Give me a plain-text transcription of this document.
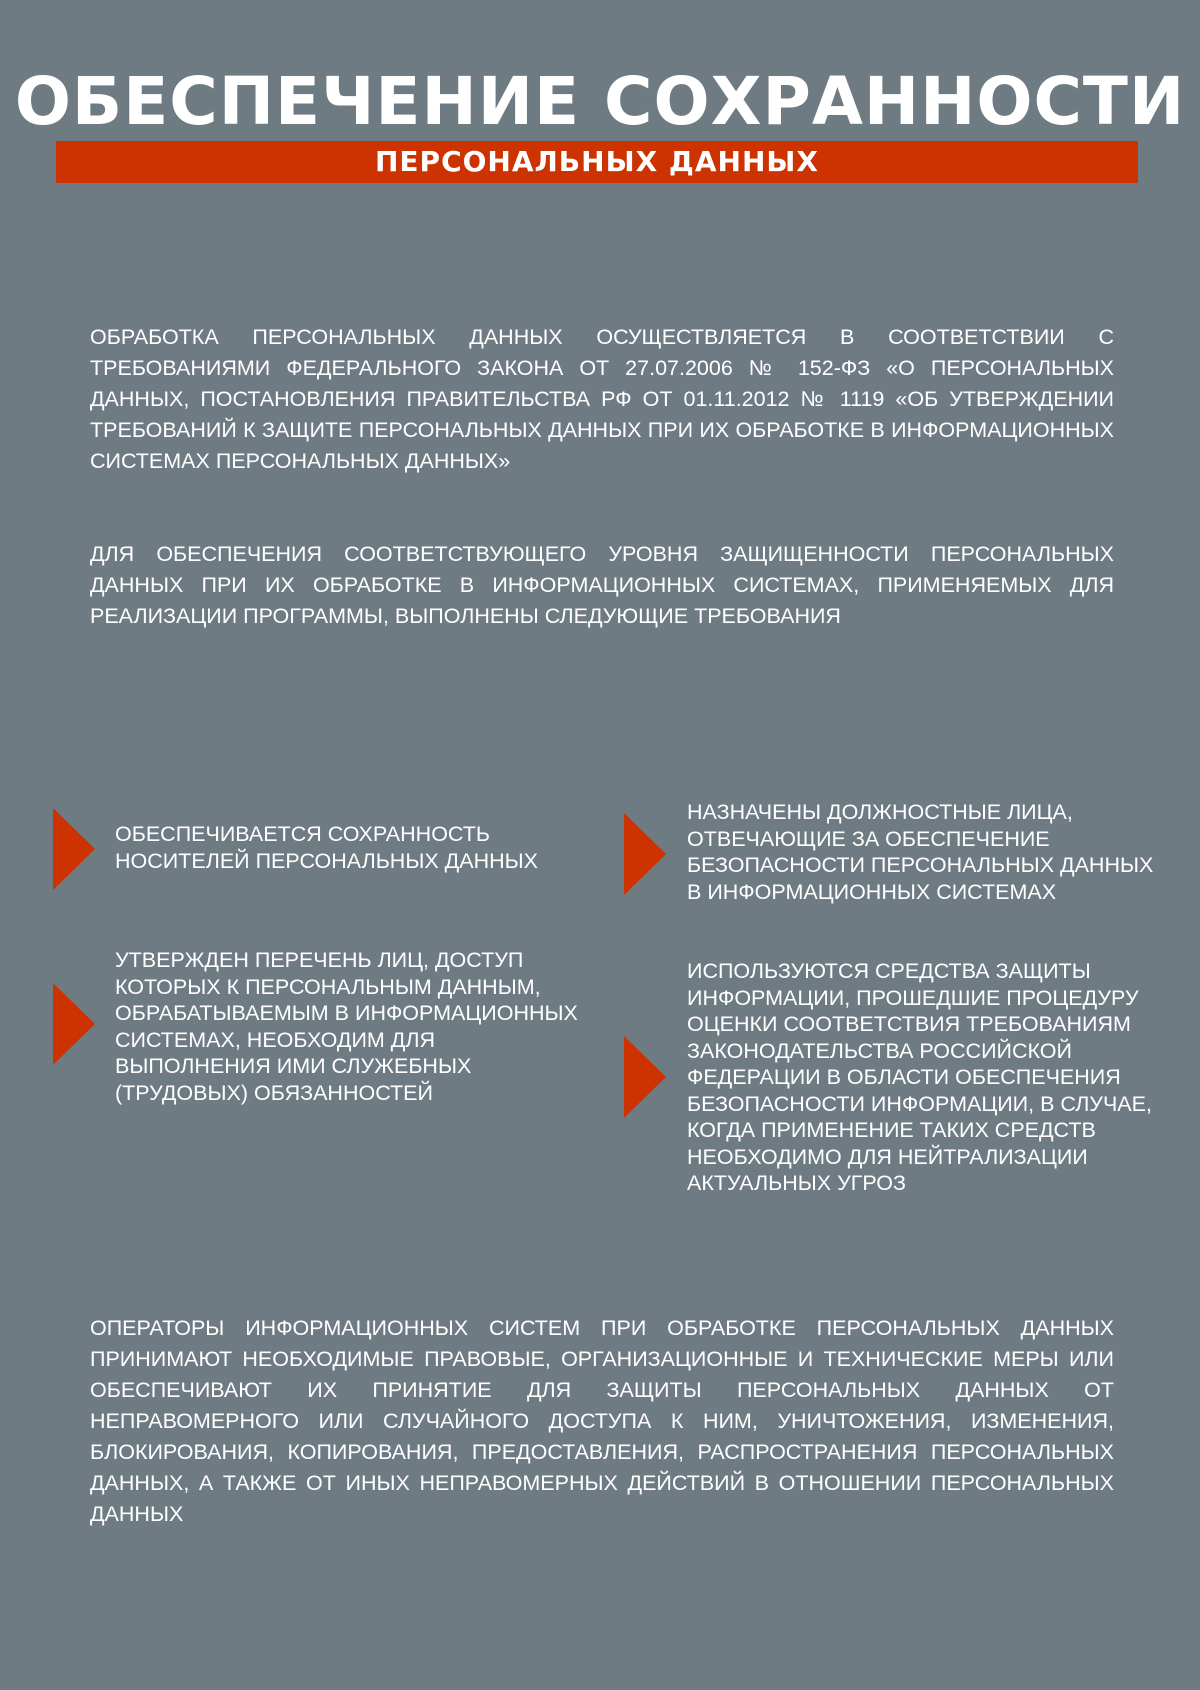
ОБЕСПЕЧЕНИЕ СОХРАННОСТИ
ПЕРСОНАЛЬНЫХ ДАННЫХ

ОБРАБОТКА ПЕРСОНАЛЬНЫХ ДАННЫХ ОСУЩЕСТВЛЯЕТСЯ В СООТВЕТСТВИИ С ТРЕБОВАНИЯМИ ФЕДЕРАЛЬНОГО ЗАКОНА ОТ 27.07.2006 № 152-ФЗ «О ПЕРСОНАЛЬНЫХ ДАННЫХ, ПОСТАНОВЛЕНИЯ ПРАВИТЕЛЬСТВА РФ ОТ 01.11.2012 № 1119 «ОБ УТВЕРЖДЕНИИ ТРЕБОВАНИЙ К ЗАЩИТЕ ПЕРСОНАЛЬНЫХ ДАННЫХ ПРИ ИХ ОБРАБОТКЕ В ИНФОРМАЦИОННЫХ СИСТЕМАХ ПЕРСОНАЛЬНЫХ ДАННЫХ»

ДЛЯ ОБЕСПЕЧЕНИЯ СООТВЕТСТВУЮЩЕГО УРОВНЯ ЗАЩИЩЕННОСТИ ПЕРСОНАЛЬНЫХ ДАННЫХ ПРИ ИХ ОБРАБОТКЕ В ИНФОРМАЦИОННЫХ СИСТЕМАХ, ПРИМЕНЯЕМЫХ ДЛЯ РЕАЛИЗАЦИИ ПРОГРАММЫ, ВЫПОЛНЕНЫ СЛЕДУЮЩИЕ ТРЕБОВАНИЯ

ОБЕСПЕЧИВАЕТСЯ СОХРАННОСТЬ НОСИТЕЛЕЙ ПЕРСОНАЛЬНЫХ ДАННЫХ

НАЗНАЧЕНЫ ДОЛЖНОСТНЫЕ ЛИЦА, ОТВЕЧАЮЩИЕ ЗА ОБЕСПЕЧЕНИЕ БЕЗОПАСНОСТИ ПЕРСОНАЛЬНЫХ ДАННЫХ В ИНФОРМАЦИОННЫХ СИСТЕМАХ

УТВЕРЖДЕН ПЕРЕЧЕНЬ ЛИЦ, ДОСТУП КОТОРЫХ К ПЕРСОНАЛЬНЫМ ДАННЫМ, ОБРАБАТЫВАЕМЫМ В ИНФОРМАЦИОННЫХ СИСТЕМАХ, НЕОБХОДИМ ДЛЯ ВЫПОЛНЕНИЯ ИМИ СЛУЖЕБНЫХ (ТРУДОВЫХ) ОБЯЗАННОСТЕЙ

ИСПОЛЬЗУЮТСЯ СРЕДСТВА ЗАЩИТЫ ИНФОРМАЦИИ, ПРОШЕДШИЕ ПРОЦЕДУРУ ОЦЕНКИ СООТВЕТСТВИЯ ТРЕБОВАНИЯМ ЗАКОНОДАТЕЛЬСТВА РОССИЙСКОЙ ФЕДЕРАЦИИ В ОБЛАСТИ ОБЕСПЕЧЕНИЯ БЕЗОПАСНОСТИ ИНФОРМАЦИИ, В СЛУЧАЕ, КОГДА ПРИМЕНЕНИЕ ТАКИХ СРЕДСТВ НЕОБХОДИМО ДЛЯ НЕЙТРАЛИЗАЦИИ АКТУАЛЬНЫХ УГРОЗ

ОПЕРАТОРЫ ИНФОРМАЦИОННЫХ СИСТЕМ ПРИ ОБРАБОТКЕ ПЕРСОНАЛЬНЫХ ДАННЫХ ПРИНИМАЮТ НЕОБХОДИМЫЕ ПРАВОВЫЕ, ОРГАНИЗАЦИОННЫЕ И ТЕХНИЧЕСКИЕ МЕРЫ ИЛИ ОБЕСПЕЧИВАЮТ ИХ ПРИНЯТИЕ ДЛЯ ЗАЩИТЫ ПЕРСОНАЛЬНЫХ ДАННЫХ ОТ НЕПРАВОМЕРНОГО ИЛИ СЛУЧАЙНОГО ДОСТУПА К НИМ, УНИЧТОЖЕНИЯ, ИЗМЕНЕНИЯ, БЛОКИРОВАНИЯ, КОПИРОВАНИЯ, ПРЕДОСТАВЛЕНИЯ, РАСПРОСТРАНЕНИЯ ПЕРСОНАЛЬНЫХ ДАННЫХ, А ТАКЖЕ ОТ ИНЫХ НЕПРАВОМЕРНЫХ ДЕЙСТВИЙ В ОТНОШЕНИИ ПЕРСОНАЛЬНЫХ ДАННЫХ
